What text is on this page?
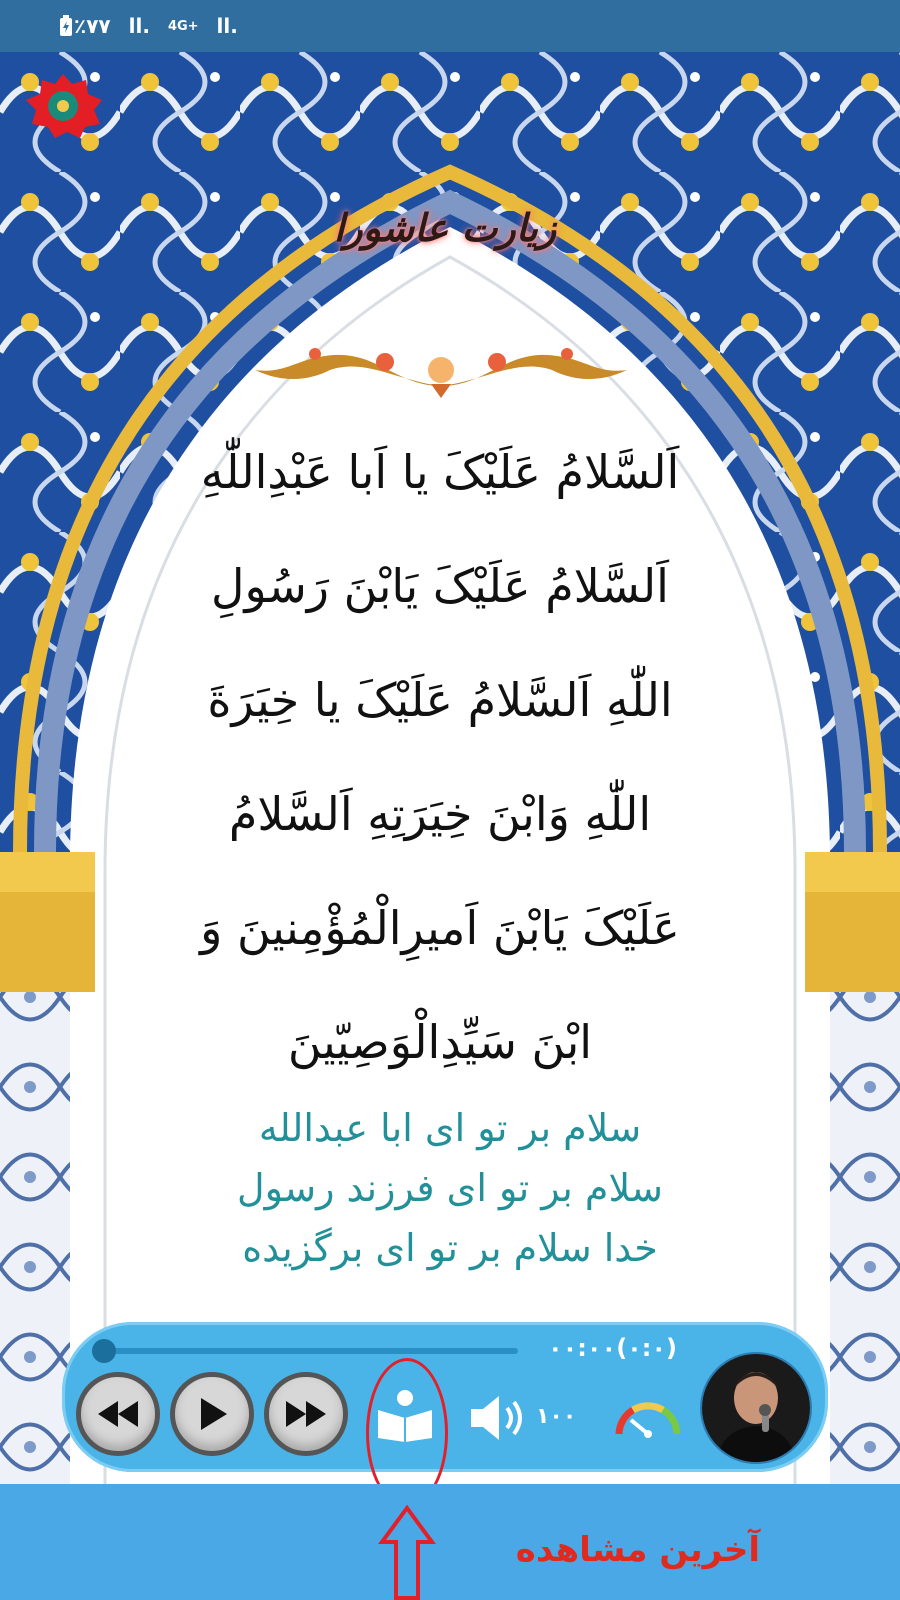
٪۷۷ ll. 4G+ ll.
زیارت عاشورا
اَلسَّلامُ عَلَیْکَ یا اَبا عَبْدِاللّٰهِ
اَلسَّلامُ عَلَیْکَ یَابْنَ رَسُولِ
اللّٰهِ اَلسَّلامُ عَلَیْکَ یا خِیَرَةَ
اللّٰهِ وَابْنَ خِیَرَتِهِ اَلسَّلامُ
عَلَیْکَ یَابْنَ اَمیرِالْمُؤْمِنینَ وَ
ابْنَ سَیِّدِالْوَصِیّینَ
سلام بر تو ای ابا عبدالله
سلام بر تو ای فرزند رسول
خدا سلام بر تو ای برگزیده
۰۰:۰۰(۰:۰)
۱۰۰
آخرین مشاهده
